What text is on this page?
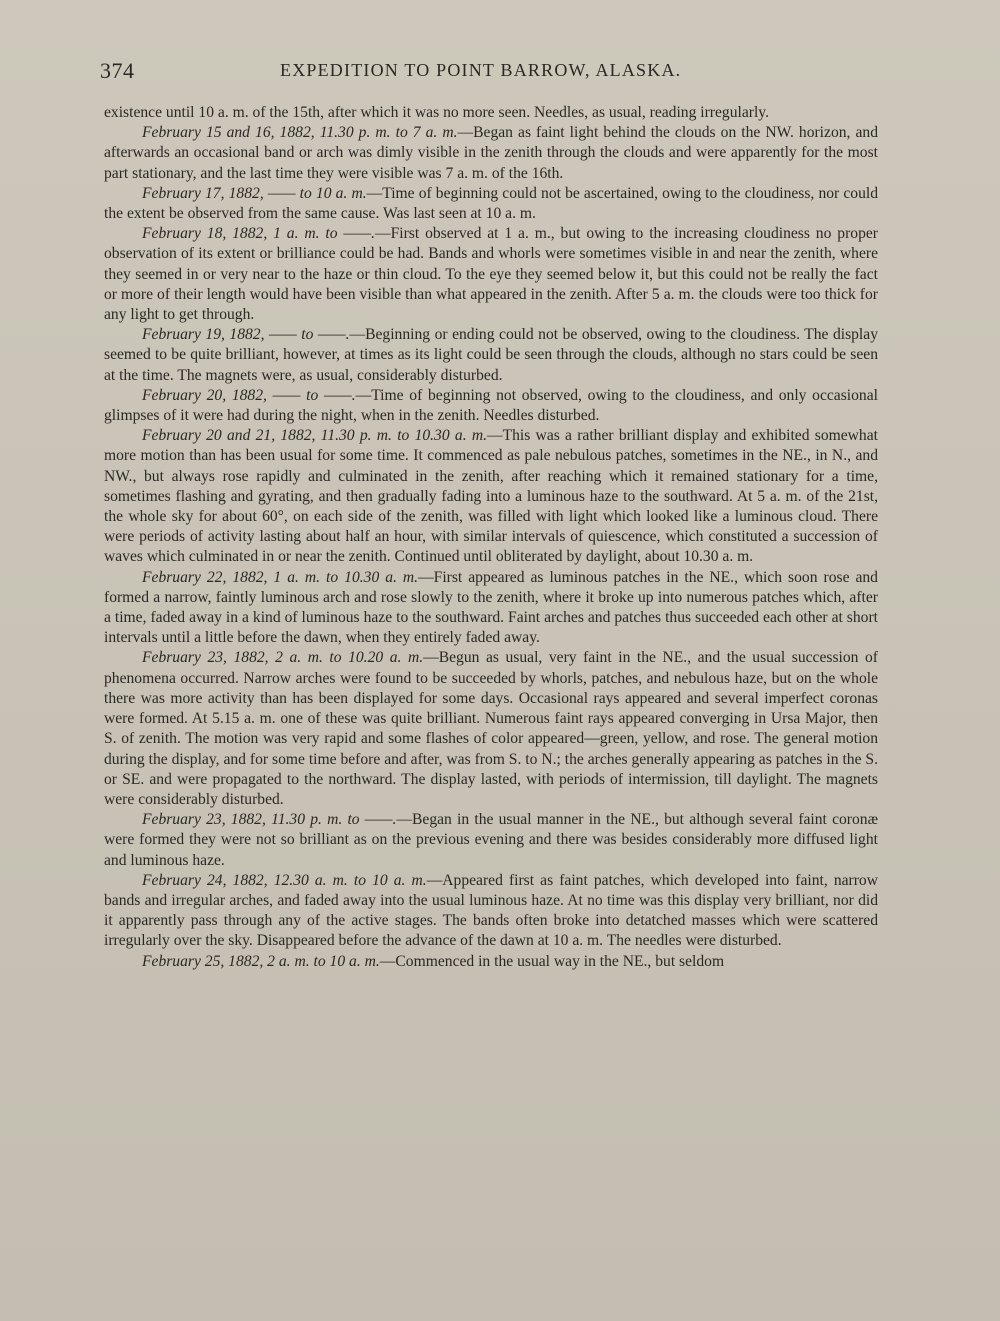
374	EXPEDITION TO POINT BARROW, ALASKA.

existence until 10 a. m. of the 15th, after which it was no more seen. Needles, as usual, reading irregularly.

February 15 and 16, 1882, 11.30 p. m. to 7 a. m.—Began as faint light behind the clouds on the NW. horizon, and afterwards an occasional band or arch was dimly visible in the zenith through the clouds and were apparently for the most part stationary, and the last time they were visible was 7 a. m. of the 16th.

February 17, 1882, —— to 10 a. m.—Time of beginning could not be ascertained, owing to the cloudiness, nor could the extent be observed from the same cause. Was last seen at 10 a. m.

February 18, 1882, 1 a. m. to ——.—First observed at 1 a. m., but owing to the increasing cloudiness no proper observation of its extent or brilliance could be had. Bands and whorls were sometimes visible in and near the zenith, where they seemed in or very near to the haze or thin cloud. To the eye they seemed below it, but this could not be really the fact or more of their length would have been visible than what appeared in the zenith. After 5 a. m. the clouds were too thick for any light to get through.

February 19, 1882, —— to ——.—Beginning or ending could not be observed, owing to the cloudiness. The display seemed to be quite brilliant, however, at times as its light could be seen through the clouds, although no stars could be seen at the time. The magnets were, as usual, considerably disturbed.

February 20, 1882, —— to ——.—Time of beginning not observed, owing to the cloudiness, and only occasional glimpses of it were had during the night, when in the zenith. Needles disturbed.

February 20 and 21, 1882, 11.30 p. m. to 10.30 a. m.—This was a rather brilliant display and exhibited somewhat more motion than has been usual for some time. It commenced as pale nebulous patches, sometimes in the NE., in N., and NW., but always rose rapidly and culminated in the zenith, after reaching which it remained stationary for a time, sometimes flashing and gyrating, and then gradually fading into a luminous haze to the southward. At 5 a. m. of the 21st, the whole sky for about 60°, on each side of the zenith, was filled with light which looked like a luminous cloud. There were periods of activity lasting about half an hour, with similar intervals of quiescence, which constituted a succession of waves which culminated in or near the zenith. Continued until obliterated by daylight, about 10.30 a. m.

February 22, 1882, 1 a. m. to 10.30 a. m.—First appeared as luminous patches in the NE., which soon rose and formed a narrow, faintly luminous arch and rose slowly to the zenith, where it broke up into numerous patches which, after a time, faded away in a kind of luminous haze to the southward. Faint arches and patches thus succeeded each other at short intervals until a little before the dawn, when they entirely faded away.

February 23, 1882, 2 a. m. to 10.20 a. m.—Begun as usual, very faint in the NE., and the usual succession of phenomena occurred. Narrow arches were found to be succeeded by whorls, patches, and nebulous haze, but on the whole there was more activity than has been displayed for some days. Occasional rays appeared and several imperfect coronas were formed. At 5.15 a. m. one of these was quite brilliant. Numerous faint rays appeared converging in Ursa Major, then S. of zenith. The motion was very rapid and some flashes of color appeared—green, yellow, and rose. The general motion during the display, and for some time before and after, was from S. to N.; the arches generally appearing as patches in the S. or SE. and were propagated to the northward. The display lasted, with periods of intermission, till daylight. The magnets were considerably disturbed.

February 23, 1882, 11.30 p. m. to ——.—Began in the usual manner in the NE., but although several faint coronæ were formed they were not so brilliant as on the previous evening and there was besides considerably more diffused light and luminous haze.

February 24, 1882, 12.30 a. m. to 10 a. m.—Appeared first as faint patches, which developed into faint, narrow bands and irregular arches, and faded away into the usual luminous haze. At no time was this display very brilliant, nor did it apparently pass through any of the active stages. The bands often broke into detatched masses which were scattered irregularly over the sky. Disappeared before the advance of the dawn at 10 a. m. The needles were disturbed.

February 25, 1882, 2 a. m. to 10 a. m.—Commenced in the usual way in the NE., but seldom
